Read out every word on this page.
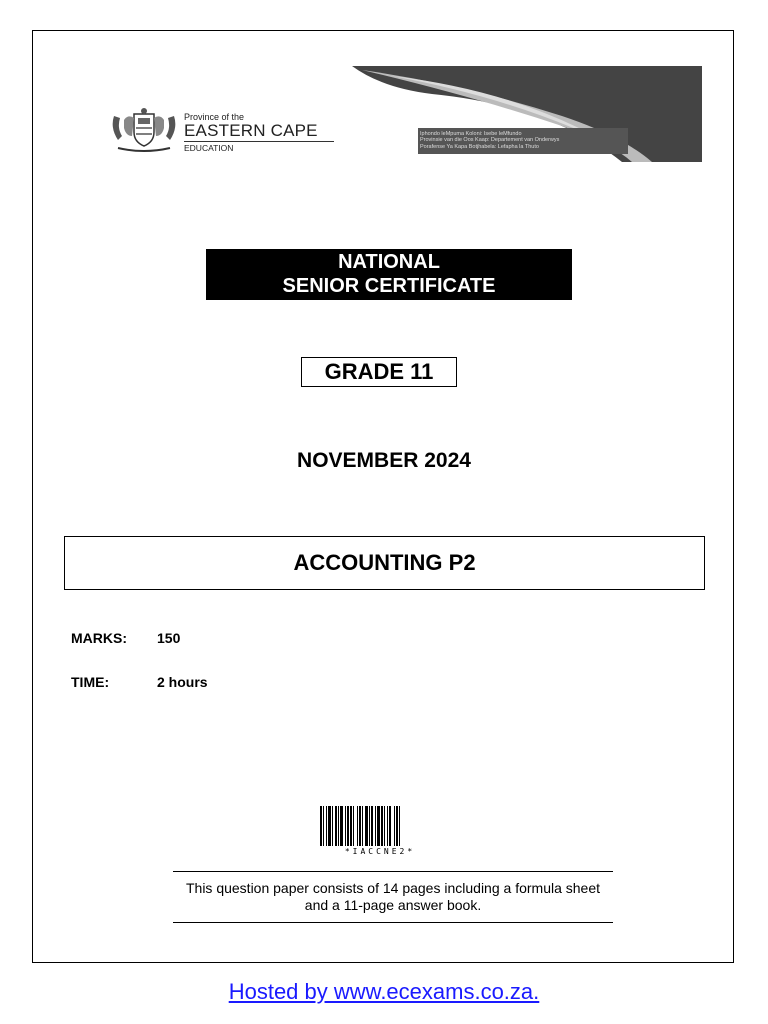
Province of the
EASTERN CAPE
EDUCATION
Iphondo leMpuma Koloni: Isebe leMfundo
Provinsie van die Oos Kaap: Departement van Onderwys
Porafense Ya Kapa Botjhabela: Lefapha la Thuto
NATIONAL
SENIOR CERTIFICATE
GRADE 11
NOVEMBER 2024
ACCOUNTING P2
MARKS: 150
TIME:	2 hours
*IACCNE2*
This question paper consists of 14 pages including a formula sheet and a 11-page answer book.
Hosted by www.ecexams.co.za.
